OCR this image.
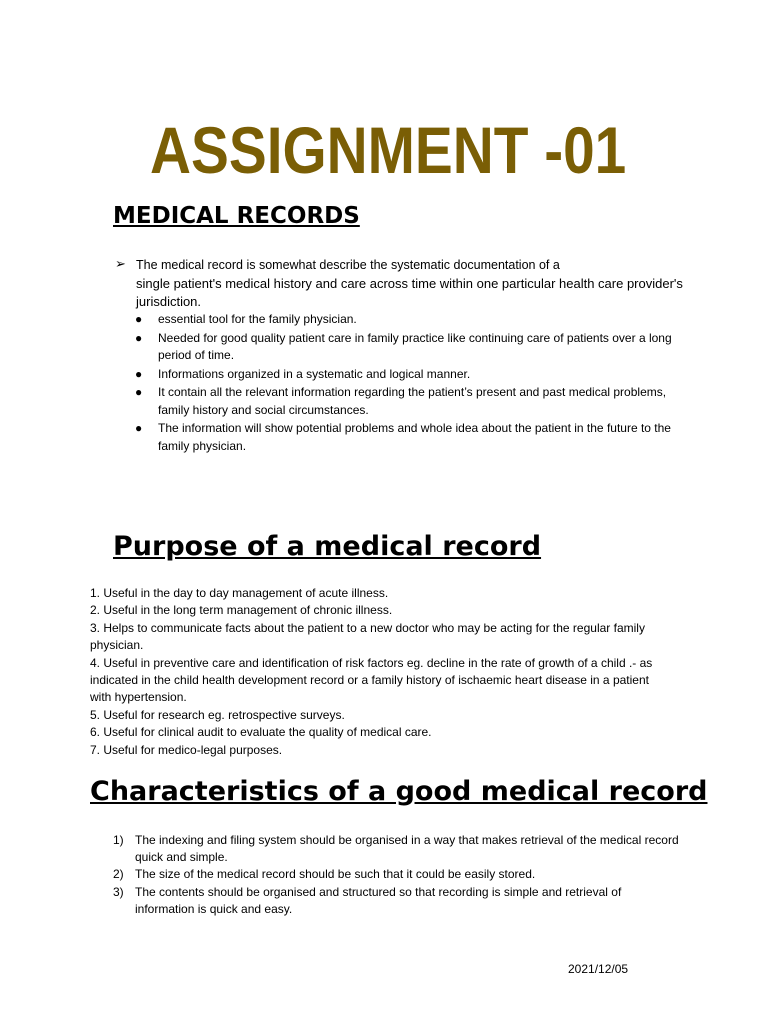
ASSIGNMENT -01
MEDICAL RECORDS
➢ The medical record is somewhat describe the systematic documentation of a
single patient's medical history and care across time within one particular health care provider's jurisdiction.
● essential tool for the family physician.
● Needed for good quality patient care in family practice like continuing care of patients over a long period of time.
● Informations organized in a systematic and logical manner.
● It contain all the relevant information regarding the patient’s present and past medical problems, family history and social circumstances.
● The information will show potential problems and whole idea about the patient in the future to the family physician.
Purpose of a medical record
1. Useful in the day to day management of acute illness.
2. Useful in the long term management of chronic illness.
3. Helps to communicate facts about the patient to a new doctor who may be acting for the regular family physician.
4. Useful in preventive care and identification of risk factors eg. decline in the rate of growth of a child .- as indicated in the child health development record or a family history of ischaemic heart disease in a patient with hypertension.
5. Useful for research eg. retrospective surveys.
6. Useful for clinical audit to evaluate the quality of medical care.
7. Useful for medico-legal purposes.
Characteristics of a good medical record
1) The indexing and filing system should be organised in a way that makes retrieval of the medical record quick and simple.
2) The size of the medical record should be such that it could be easily stored.
3) The contents should be organised and structured so that recording is simple and retrieval of information is quick and easy.
2021/12/05
